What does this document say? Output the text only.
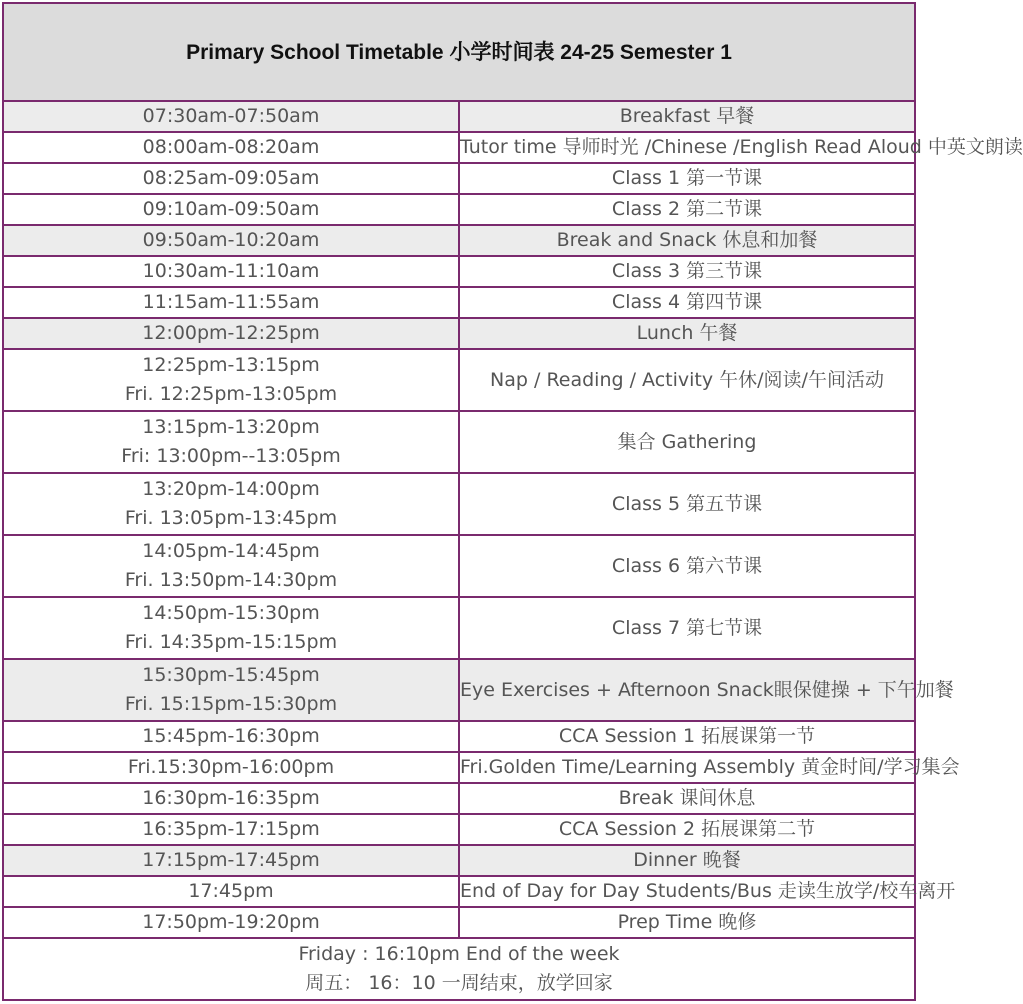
Primary School Timetable 小学时间表 24-25 Semester 1	

07:30am-07:50am	Breakfast 早餐

08:00am-08:20am	Tutor time 导师时光 /Chinese /English Read Aloud 中英文朗读

08:25am-09:05am	Class 1 第一节课

09:10am-09:50am	Class 2 第二节课

09:50am-10:20am	Break and Snack 休息和加餐

10:30am-11:10am	Class 3 第三节课

11:15am-11:55am	Class 4 第四节课

12:00pm-12:25pm	Lunch 午餐

12:25pm-13:15pm
Fri. 12:25pm-13:05pm	Nap / Reading / Activity 午休/阅读/午间活动

13:15pm-13:20pm
Fri: 13:00pm--13:05pm	集合 Gathering

13:20pm-14:00pm
Fri. 13:05pm-13:45pm	Class 5 第五节课

14:05pm-14:45pm
Fri. 13:50pm-14:30pm	Class 6 第六节课

14:50pm-15:30pm
Fri. 14:35pm-15:15pm	Class 7 第七节课

15:30pm-15:45pm
Fri. 15:15pm-15:30pm	Eye Exercises + Afternoon Snack眼保健操 + 下午加餐

15:45pm-16:30pm	CCA Session 1 拓展课第一节

Fri.15:30pm-16:00pm	Fri.Golden Time/Learning Assembly 黄金时间/学习集会

16:30pm-16:35pm	Break 课间休息

16:35pm-17:15pm	CCA Session 2 拓展课第二节

17:15pm-17:45pm	Dinner 晚餐

17:45pm	End of Day for Day Students/Bus 走读生放学/校车离开

17:50pm-19:20pm	Prep Time 晚修

Friday : 16:10pm End of the week
周五： 16：10 一周结束，放学回家	
